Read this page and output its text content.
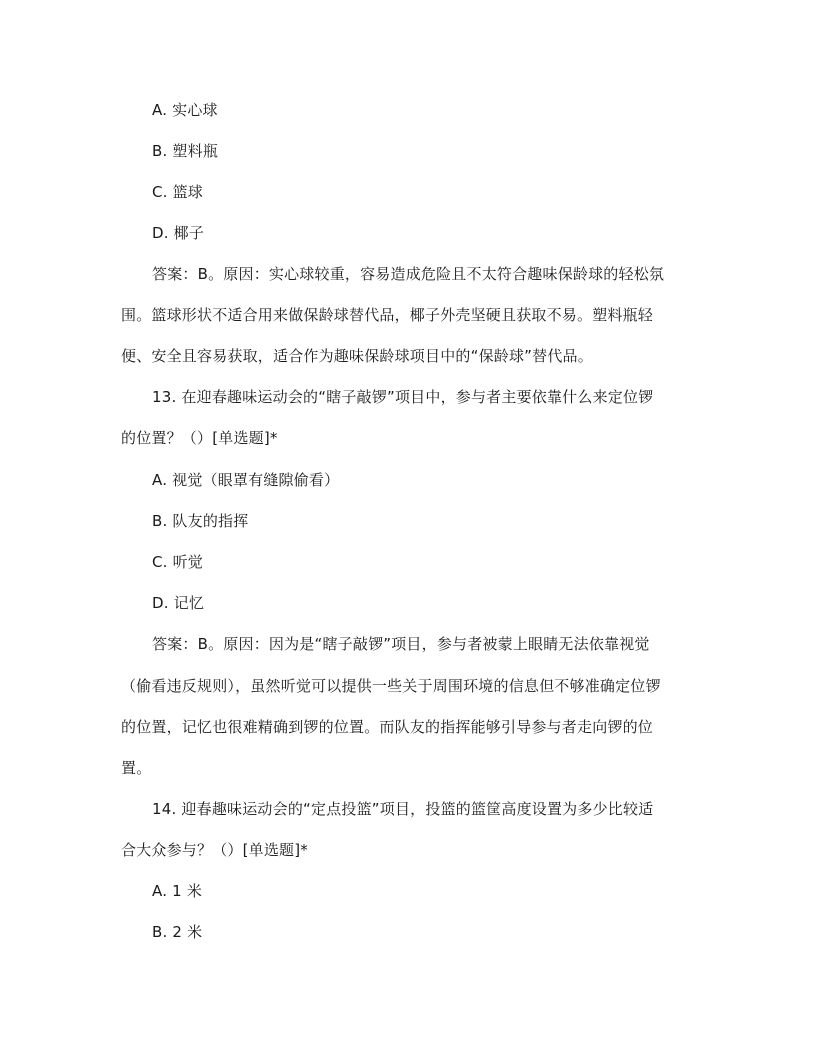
A. 实心球
B. 塑料瓶
C. 篮球
D. 椰子
答案：B。原因：实心球较重，容易造成危险且不太符合趣味保龄球的轻松氛
围。篮球形状不适合用来做保龄球替代品，椰子外壳坚硬且获取不易。塑料瓶轻
便、安全且容易获取，适合作为趣味保龄球项目中的“保龄球”替代品。
13. 在迎春趣味运动会的“瞎子敲锣”项目中，参与者主要依靠什么来定位锣
的位置？（）[单选题]*
A. 视觉（眼罩有缝隙偷看）
B. 队友的指挥
C. 听觉
D. 记忆
答案：B。原因：因为是“瞎子敲锣”项目，参与者被蒙上眼睛无法依靠视觉
（偷看违反规则），虽然听觉可以提供一些关于周围环境的信息但不够准确定位锣
的位置，记忆也很难精确到锣的位置。而队友的指挥能够引导参与者走向锣的位
置。
14. 迎春趣味运动会的“定点投篮”项目，投篮的篮筐高度设置为多少比较适
合大众参与？（）[单选题]*
A. 1 米
B. 2 米
